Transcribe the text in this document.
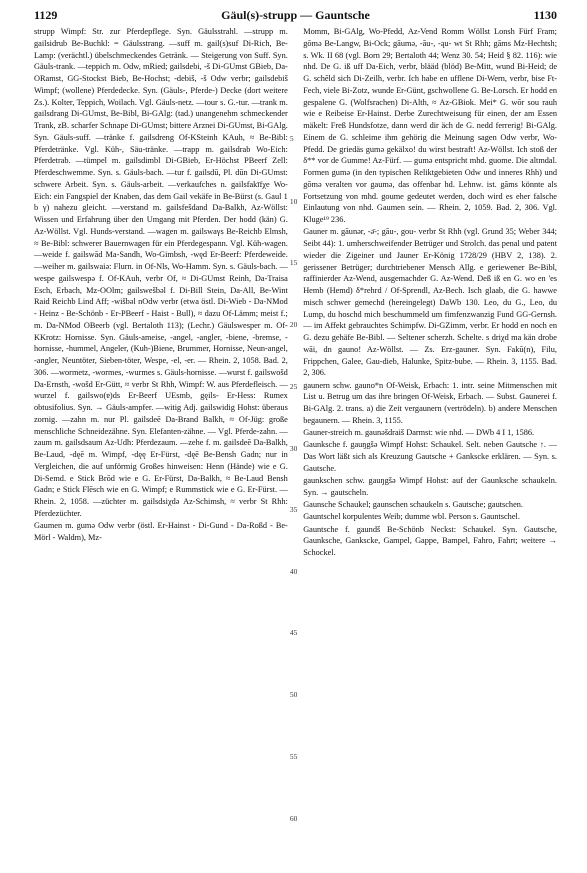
1129	Gäul(s)-strupp — Gauntsche	1130

strupp Wimpf: Str. zur Pferdepflege. Syn. Gäulsstrahl. —strupp m. gailsidrub Be-Buchkl: = Gäulsstrang. —suff m. gail(s)suf Di-Rich, Be-Lamp: (verächtl.) übelschmeckendes Getränk. — Steigerung von Suff. Syn. Gäuls-trank. —teppich m. Odw, mRied; gailsdebi, -š Di-GUmst GBieb, Da-ORamst, GG-Stockst Bieb, Be-Hochst; -debiš, -š Odw verbr; gailsdebiš Wimpf; (wollene) Pferdedecke. Syn. (Gäuls-, Pferde-) Decke (dort weitere Zs.). Kolter, Teppich, Woilach. Vgl. Gäuls-netz. —tour s. G.-tur. —trank m. gailsdrang Di-GUmst, Be-Bibl, Bi-GAlg: (tad.) unangenehm schmeckender Trank, zB. scharfer Schnape Di-GUmst; bittere Arznei Di-GUmst, Bi-GAlg. Syn. Gäuls-suff. —tränke f. gailsdreng Of-KSteinh KAuh, ≈ Be-Bibl: Pferdetränke. Vgl. Küh-, Säu-tränke. —trapp m. gailsdrab Wo-Eich: Pferdetrab. —tümpel m. gailsdimbl Di-GBieb, Er-Höchst PBeerf Zell: Pferdeschwemme. Syn. s. Gäuls-bach. —tur f. gailsdū, Pl. dūn Di-GUmst: schwere Arbeit. Syn. s. Gäuls-arbeit. —verkaufches n. gailsfakīfχe Wo-Eich: ein Fangspiel der Knaben, das dem Gail vekäfe in Be-Bürst (s. Gaul 1 b γ) nahezu gleicht. —verstand m. gailsfešdand Da-Balkh, Az-Wöllst: Wissen und Erfahrung über den Umgang mit Pferden. Der hodd (kän) G. Az-Wöllst. Vgl. Hunds-verstand. —wagen m. gailswaγs Be-Reichb Elmsh, ≈ Be-Bibl: schwerer Bauernwagen für ein Pferdegespann. Vgl. Küh-wagen. —weide f. gailswād Ma-Sandh, Wo-Gimbsh, -węd Er-Beerf: Pferdeweide. —weiher m. gailswaiə: Flurn. in Of-Nls, Wo-Hamm. Syn. s. Gäuls-bach. —wespe gailswespə f. Of-KAuh, verbr Of, ≈ Di-GUmst Reinh, Da-Traisa Esch, Erbach, Mz-OOlm; gailswešbəl f. Di-Bill Stein, Da-All, Be-Wint Raid Reichb Lind Aff; -wišbəl nOdw verbr (etwa östl. Di-Wieb - Da-NMod - Heinz - Be-Schönb - Er-PBeerf - Haist - Bull), ≈ dazu Of-Lämm; meist f.; m. Da-NMod OBeerb (vgl. Bertaloth 113); (Lechr.) Gäulswesper m. Of-KKrotz: Hornisse. Syn. Gäuls-ameise, -angel, -angler, -biene, -bremse, -hornisse, -hummel, Angeler, (Kuh-)Biene, Brummer, Hornisse, Neun-angel, -angler, Neuntöter, Sieben-töter, Wespe, -el, -er. — Rhein. 2, 1058. Bad. 2, 306. —wormetz, -wormes, -wurmes s. Gäuls-hornisse. —wurst f. gailswošd Da-Ernsth, -wošd Er-Gütt, ≈ verbr St Rhh, Wimpf: W. aus Pferdefleisch. —wurzel f. gailswo(ɐ)ds Er-Beerf UEsmb, gęils- Er-Hess: Rumex obtusifolius. Syn. → Gäuls-ampfer. —witig Adj. gailswidig Hohst: überaus zornig. —zahn m. nur Pl. gailsdeē Da-Brand Balkh, ≈ Of-Jüg: große menschliche Schneidezähne. Syn. Elefanten-zähne. — Vgl. Pferde-zahn. —zaum m. gailsdsaum Az-Udh: Pferdezaum. —zehe f. m. gailsdeē Da-Balkh, Be-Laud, -dęē m. Wimpf, -dęę Er-Fürst, -dęē Be-Bensh Gadn; nur in Vergleichen, die auf unförmig Großes hinweisen: Henn (Hände) wie e G. Di-Semd. e Stick Brōd wie e G. Er-Fürst, Da-Balkh, ≈ Be-Laud Bensh Gadn; e Stick Flēsch wie en G. Wimpf; e Rummstick wie e G. Er-Fürst. — Rhein. 2, 1058. —züchter m. gailsdsiχdə Az-Schimsh, ≈ verbr St Rhh: Pferdezüchter.

Gaumen m. gumə Odw verbr (östl. Er-Hainst - Di-Gund - Da-Roßd - Be-Mörl - Waldm), Mz-

5
10
15
20
25
30
35
40
45
50
55
60

Momm, Bi-GAlg, Wo-Pfedd, Az-Vend Romm Wöllst Lonsh Fürf Fram; gōmə Be-Langw, Bi-Ock; gāumə, -āu-, -ąu- wt St Rhh; gāms Mz-Hechtsh; s. Wk. II 68 (vgl. Born 29; Bertaloth 44; Wenz 30. 54; Heid § 82. 116): wie nhd. De G. iß uff Da-Eich, verbr, blääd (blöd) Be-Mitt, wund Bi-Heid; de G. schēld sich Di-Zeilh, verbr. Ich habe en ufflene Di-Wern, verbr, bise Ft-Fech, viele Bi-Zotz, wunde Er-Günt, gschwollene G. Be-Lorsch. Er hodd en gespalene G. (Wolfsrachen) Di-Alth, ≈ Az-GBiok. Mei* G. wōr sou rauh wie e Reibeise Er-Hainst. Derbe Zurechtweisung für einen, der am Essen mäkelt: Freß Hundsfotze, dann werd dir äch de G. nedd ferrerig! Bi-GAlg. Einem de G. schleime ihm gehörig die Meinung sagen Odw verbr, Wo-Pfedd. De griedäs gumə gekälxo! du wirst bestraft! Az-Wöllst. Ich stoß der δ** vor de Gumme! Az-Fürf. — gumə entspricht mhd. guome. Die altmdal. Formen gumə (in den typischen Reliktgebieten Odw und inneres Rhh) und gōmə veralten vor gaumə, das offenbar hd. Lehnw. ist. gāms könnte als Fortsetzung von mhd. goume gedeutet werden, doch wird es eher falsche Einlautung von nhd. Gaumen sein. — Rhein. 2, 1059. Bad. 2, 306. Vgl. Kluge¹⁹ 236.

Gauner m. gāunər, -ə̄-; gāu-, gou- verbr St Rhh (vgl. Grund 35; Weber 344; Seibt 44): 1. umherschweifender Betrüger und Strolch. das penal und patent wieder die Zigeiner und Jauner Er-König 1728/29 (HBV 2, 138). 2. gerissener Betrüger; durchtriebener Mensch Allg. e geriewener Be-Bibl, raffinierder Az-Wend, ausgemachder G. Az-Wend. Deß iß en G. wo en 'es Hemb (Hemd) δ*rehrd / Of-Sprendl, Az-Bech. Isch glaab, die G. hawwe misch schwer gemechd (hereingelegt) DaWb 130. Leo, du G., Leo, du Lump, du hoschd mich beschummeld um fimfenzwanzig Fund GG-Gernsh. — im Affekt gebrauchtes Schimpfw. Di-GZimm, verbr. Er hodd en noch en G. dezu gehäfe Be-Bibl. — Seltener scherzh. Schelte. s driχd ma kän drobe wāi, dn gauno! Az-Wöllst. — Zs. Erz-gauner. Syn. Fakū(n), Filu, Frippchen, Galee, Gau-dieb, Halunke, Spitz-bube. — Rhein. 3, 1155. Bad. 2, 306.

gaunern schw. gauno*n Of-Weisk, Erbach: 1. intr. seine Mitmenschen mit List u. Betrug um das ihre bringen Of-Weisk, Erbach. — Subst. Gaunerei f. Bi-GAlg. 2. trans. a) die Zeit vergaunern (vertrödeln). b) andere Menschen begaunern. — Rhein. 3, 1155.

Gauner-streich m. gaunəšdraiš Darmst: wie nhd. — DWb 4 I 1, 1586.

Gaunksche f. gauŋgšə Wimpf Hohst: Schaukel. Selt. neben Gautsche ↑. — Das Wort läßt sich als Kreuzung Gautsche + Gankscke erklären. — Syn. s. Gautsche.

gaunkschen schw. gauŋgšə Wimpf Hohst: auf der Gaunksche schaukeln. Syn. → gautscheln.

Gaunsche Schaukel; gaunschen schaukeln s. Gautsche; gautschen.

Gauntschel korpulentes Weib; dumme wbl. Person s. Gauntschel.

Gauntsche f. gaundš Be-Schönb Neckst: Schaukel. Syn. Gautsche, Gaunksche, Gankscke, Gampel, Gappe, Bampel, Fahro, Fahrt; weitere → Schockel.
